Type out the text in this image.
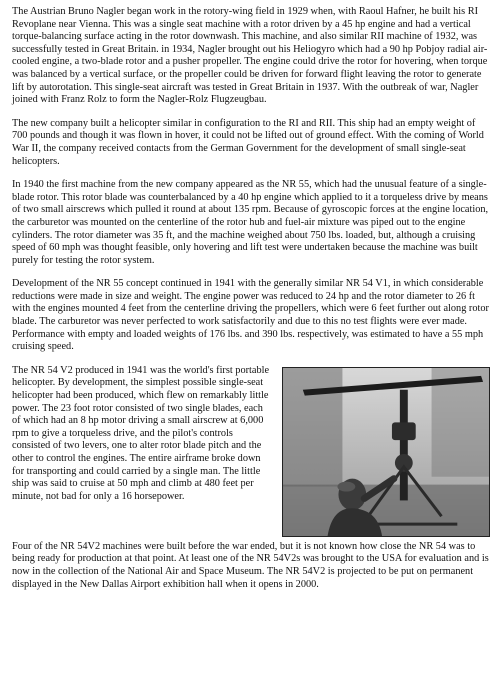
The Austrian Bruno Nagler began work in the rotory-wing field in 1929 when, with Raoul Hafner, he built his RI Revoplane near Vienna. This was a single seat machine with a rotor driven by a 45 hp engine and had a vertical torque-balancing surface acting in the rotor downwash. This machine, and also similar RII machine of 1932, was successfully tested in Great Britain. in 1934, Nagler brought out his Heliogyro which had a 90 hp Pobjoy radial air-cooled engine, a two-blade rotor and a pusher propeller. The engine could drive the rotor for hovering, when torque was balanced by a vertical surface, or the propeller could be driven for forward flight leaving the rotor to generate lift by autorotation. This single-seat aircraft was tested in Great Britain in 1937. With the outbreak of war, Nagler joined with Franz Rolz to form the Nagler-Rolz Flugzeugbau.

The new company built a helicopter similar in configuration to the RI and RII. This ship had an empty weight of 700 pounds and though it was flown in hover, it could not be lifted out of ground effect. With the coming of World War II, the company received contacts from the German Government for the development of small single-seat helicopters.

In 1940 the first machine from the new company appeared as the NR 55, which had the unusual feature of a single-blade rotor. This rotor blade was counterbalanced by a 40 hp engine which applied to it a torqueless drive by means of two small airscrews which pulled it round at about 135 rpm. Because of gyroscopic forces at the engine location, the carburetor was mounted on the centerline of the rotor hub and fuel-air mixture was piped out to the engine cylinders. The rotor diameter was 35 ft, and the machine weighed about 750 lbs. loaded, but, although a cruising speed of 60 mph was thought feasible, only hovering and lift test were undertaken because the machine was built purely for testing the rotor system.

Development of the NR 55 concept continued in 1941 with the generally similar NR 54 V1, in which considerable reductions were made in size and weight. The engine power was reduced to 24 hp and the rotor diameter to 26 ft with the engines mounted 4 feet from the centerline driving the propellers, which were 6 feet further out along rotor blade. The carburetor was never perfected to work satisfactorily and due to this no test flights were ever made. Performance with empty and loaded weights of 176 lbs. and 390 lbs. respectively, was estimated to have a 55 mph cruising speed.

The NR 54 V2 produced in 1941 was the world's first portable helicopter. By development, the simplest possible single-seat helicopter had been produced, which flew on remarkably little power. The 23 foot rotor consisted of two single blades, each of which had an 8 hp motor driving a small airscrew at 6,000 rpm to give a torqueless drive, and the pilot's controls consisted of two levers, one to alter rotor blade pitch and the other to control the engines. The entire airframe broke down for transporting and could carried by a single man. The little ship was said to cruise at 50 mph and climb at 480 feet per minute, not bad for only a 16 horsepower.

Four of the NR 54V2 machines were built before the war ended, but it is not known how close the NR 54 was to being ready for production at that point. At least one of the NR 54V2s was brought to the USA for evaluation and is now in the collection of the National Air and Space Museum. The NR 54V2 is projected to be put on permanent displayed in the New Dallas Airport exhibition hall when it opens in 2000.
